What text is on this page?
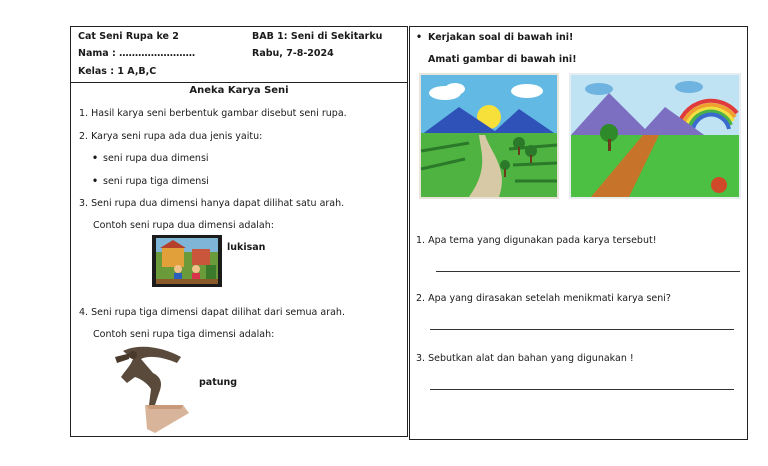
Cat Seni Rupa ke 2	BAB 1: Seni di Sekitarku
Nama : ……………………	Rabu, 7-8-2024
Kelas : 1 A,B,C
Aneka Karya Seni
1. Hasil karya seni berbentuk gambar disebut seni rupa.
2. Karya seni rupa ada dua jenis yaitu:
• seni rupa dua dimensi
• seni rupa tiga dimensi
3. Seni rupa dua dimensi hanya dapat dilihat satu arah.
Contoh seni rupa dua dimensi adalah:
lukisan
4. Seni rupa tiga dimensi dapat dilihat dari semua arah.
Contoh seni rupa tiga dimensi adalah:
patung
Kerjakan soal di bawah ini!
•
Amati gambar di bawah ini!
1. Apa tema yang digunakan pada karya tersebut!
2. Apa yang dirasakan setelah menikmati karya seni?
3. Sebutkan alat dan bahan yang digunakan !
